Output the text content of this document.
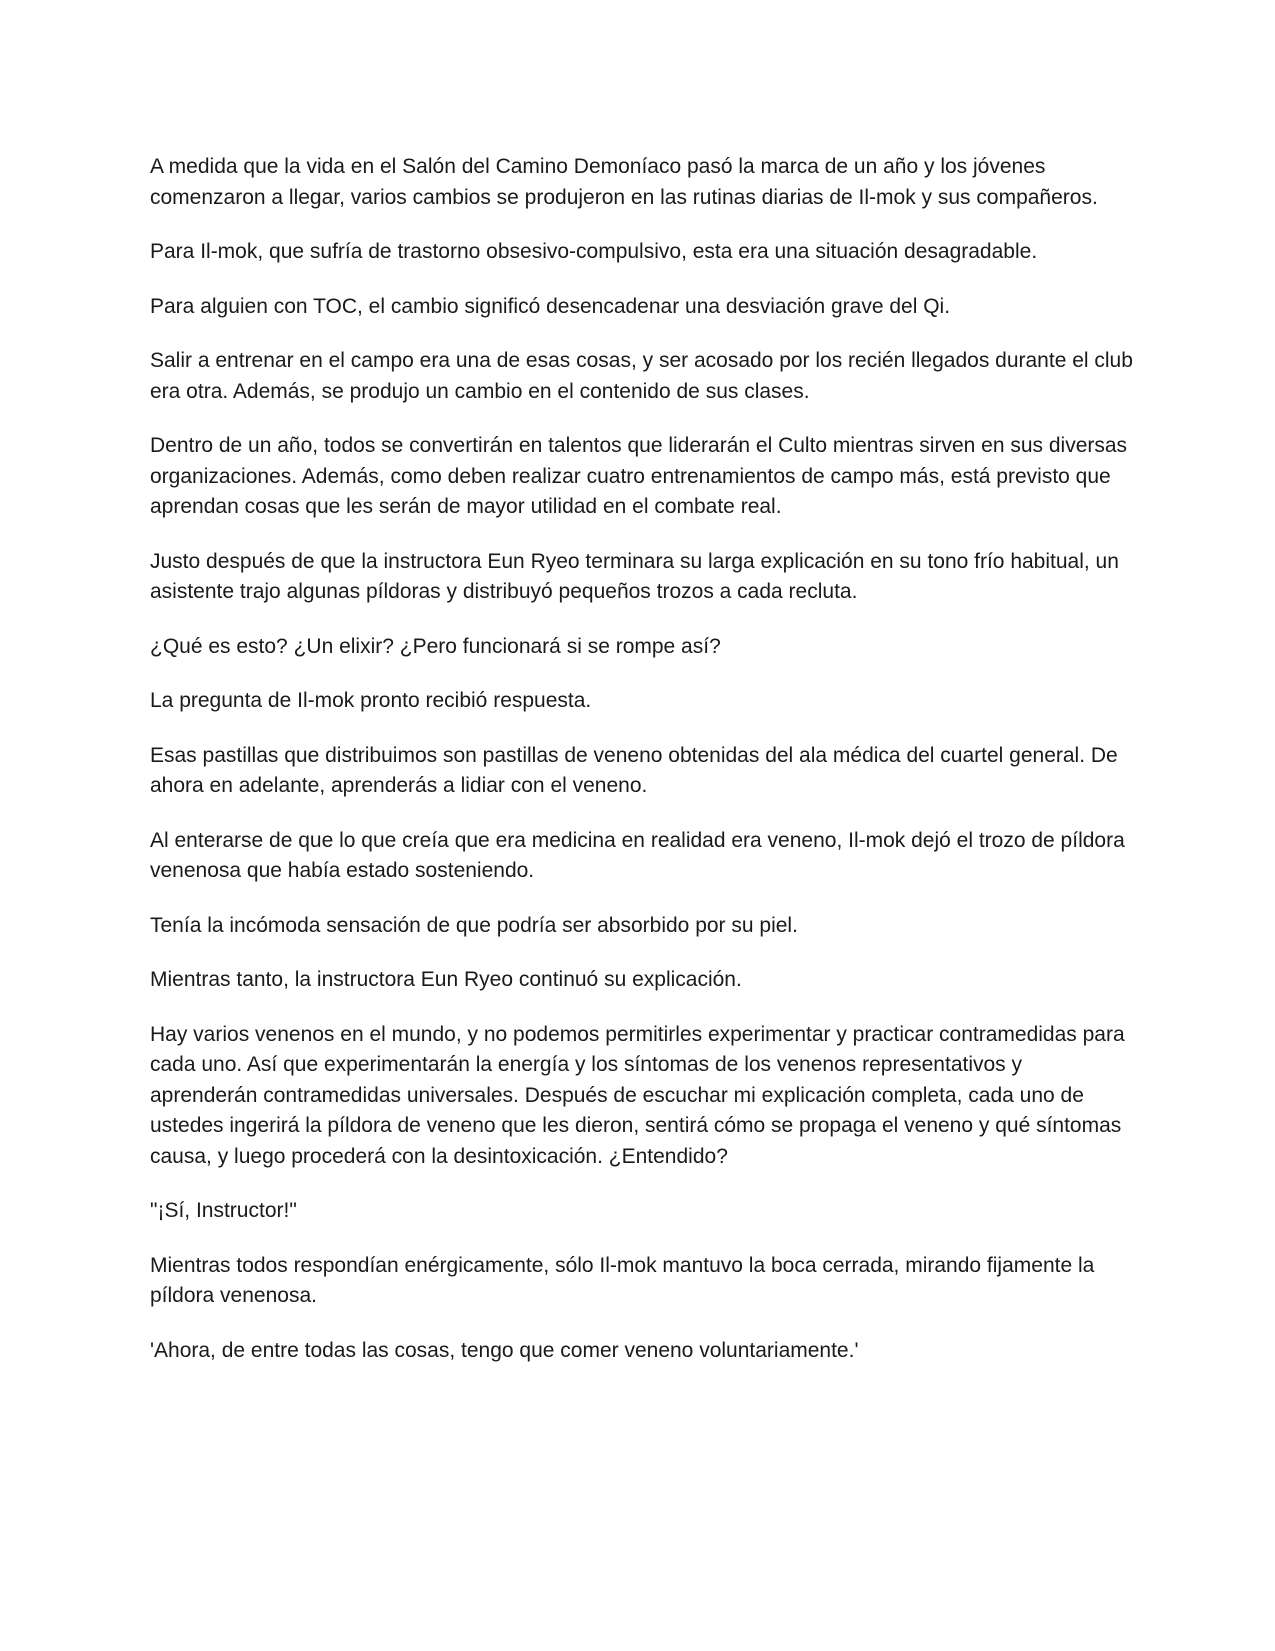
A medida que la vida en el Salón del Camino Demoníaco pasó la marca de un año y los jóvenes comenzaron a llegar, varios cambios se produjeron en las rutinas diarias de Il-mok y sus compañeros.

Para Il-mok, que sufría de trastorno obsesivo-compulsivo, esta era una situación desagradable.

Para alguien con TOC, el cambio significó desencadenar una desviación grave del Qi.

Salir a entrenar en el campo era una de esas cosas, y ser acosado por los recién llegados durante el club era otra. Además, se produjo un cambio en el contenido de sus clases.

Dentro de un año, todos se convertirán en talentos que liderarán el Culto mientras sirven en sus diversas organizaciones. Además, como deben realizar cuatro entrenamientos de campo más, está previsto que aprendan cosas que les serán de mayor utilidad en el combate real.

Justo después de que la instructora Eun Ryeo terminara su larga explicación en su tono frío habitual, un asistente trajo algunas píldoras y distribuyó pequeños trozos a cada recluta.

¿Qué es esto? ¿Un elixir? ¿Pero funcionará si se rompe así?

La pregunta de Il-mok pronto recibió respuesta.

Esas pastillas que distribuimos son pastillas de veneno obtenidas del ala médica del cuartel general. De ahora en adelante, aprenderás a lidiar con el veneno.

Al enterarse de que lo que creía que era medicina en realidad era veneno, Il-mok dejó el trozo de píldora venenosa que había estado sosteniendo.

Tenía la incómoda sensación de que podría ser absorbido por su piel.

Mientras tanto, la instructora Eun Ryeo continuó su explicación.

Hay varios venenos en el mundo, y no podemos permitirles experimentar y practicar contramedidas para cada uno. Así que experimentarán la energía y los síntomas de los venenos representativos y aprenderán contramedidas universales. Después de escuchar mi explicación completa, cada uno de ustedes ingerirá la píldora de veneno que les dieron, sentirá cómo se propaga el veneno y qué síntomas causa, y luego procederá con la desintoxicación. ¿Entendido?

"¡Sí, Instructor!"

Mientras todos respondían enérgicamente, sólo Il-mok mantuvo la boca cerrada, mirando fijamente la píldora venenosa.

'Ahora, de entre todas las cosas, tengo que comer veneno voluntariamente.'
